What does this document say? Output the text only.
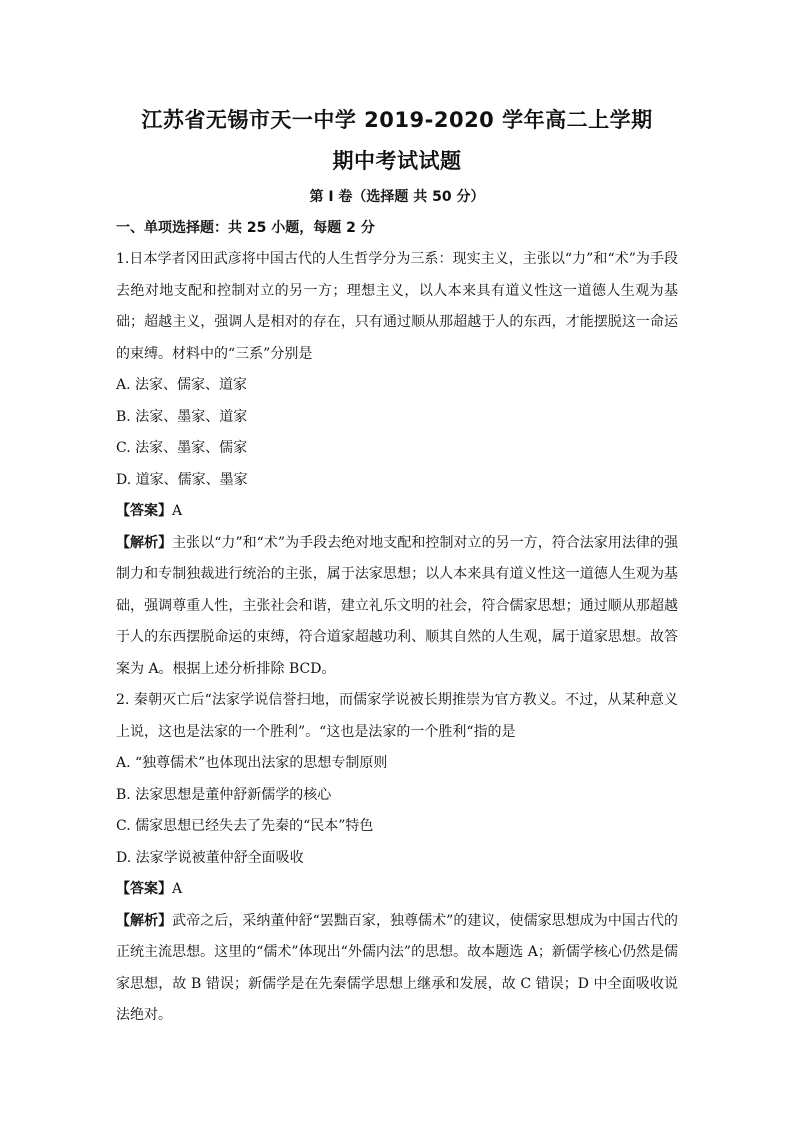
江苏省无锡市天一中学 2019-2020 学年高二上学期
期中考试试题
第 I 卷（选择题 共 50 分）
一、单项选择题：共 25 小题，每题 2 分

1.日本学者冈田武彦将中国古代的人生哲学分为三系：现实主义，主张以“力”和“术”为手段去绝对地支配和控制对立的另一方；理想主义，以人本来具有道义性这一道德人生观为基础；超越主义，强调人是相对的存在，只有通过顺从那超越于人的东西，才能摆脱这一命运的束缚。材料中的“三系”分别是

A. 法家、儒家、道家

B. 法家、墨家、道家

C. 法家、墨家、儒家

D. 道家、儒家、墨家

【答案】A

【解析】主张以“力”和“术”为手段去绝对地支配和控制对立的另一方，符合法家用法律的强制力和专制独裁进行统治的主张，属于法家思想；以人本来具有道义性这一道德人生观为基础，强调尊重人性，主张社会和谐，建立礼乐文明的社会，符合儒家思想；通过顺从那超越于人的东西摆脱命运的束缚，符合道家超越功利、顺其自然的人生观，属于道家思想。故答案为 A。根据上述分析排除 BCD。

2. 秦朝灭亡后“法家学说信誉扫地，而儒家学说被长期推崇为官方教义。不过，从某种意义上说，这也是法家的一个胜利”。“这也是法家的一个胜利“指的是

A. “独尊儒术”也体现出法家的思想专制原则

B. 法家思想是董仲舒新儒学的核心

C. 儒家思想已经失去了先秦的“民本”特色

D. 法家学说被董仲舒全面吸收

【答案】A

【解析】武帝之后，采纳董仲舒“罢黜百家，独尊儒术”的建议，使儒家思想成为中国古代的正统主流思想。这里的“儒术”体现出“外儒内法”的思想。故本题选 A；新儒学核心仍然是儒家思想，故 B 错误；新儒学是在先秦儒学思想上继承和发展，故 C 错误；D 中全面吸收说法绝对。
